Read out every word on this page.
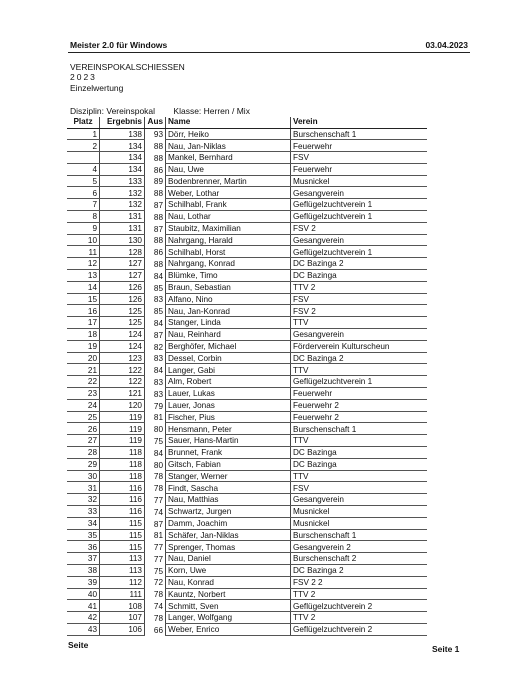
Meister 2.0 für Windows	03.04.2023
VEREINSPOKALSCHIESSEN
2023
Einzelwertung
Disziplin: Vereinspokal Klasse: Herren / Mix
Platz	Ergebnis	Aus	Name	Verein
1	138	93	Dörr, Heiko	Burschenschaft 1
2	134	88	Nau, Jan-Niklas	Feuerwehr
	134	88	Mankel, Bernhard	FSV
4	134	86	Nau, Uwe	Feuerwehr
5	133	89	Bodenbrenner, Martin	Musnickel
6	132	88	Weber, Lothar	Gesangverein
7	132	87	Schilhabl, Frank	Geflügelzuchtverein 1
8	131	88	Nau, Lothar	Geflügelzuchtverein 1
9	131	87	Staubitz, Maximilian	FSV 2
10	130	88	Nahrgang, Harald	Gesangverein
11	128	86	Schilhabl, Horst	Geflügelzuchtverein 1
12	127	88	Nahrgang, Konrad	DC Bazinga 2
13	127	84	Blümke, Timo	DC Bazinga
14	126	85	Braun, Sebastian	TTV 2
15	126	83	Alfano, Nino	FSV
16	125	85	Nau, Jan-Konrad	FSV 2
17	125	84	Stanger, Linda	TTV
18	124	87	Nau, Reinhard	Gesangverein
19	124	82	Berghöfer, Michael	Förderverein Kulturscheun
20	123	83	Dessel, Corbin	DC Bazinga 2
21	122	84	Langer, Gabi	TTV
22	122	83	Alm, Robert	Geflügelzuchtverein 1
23	121	83	Lauer, Lukas	Feuerwehr
24	120	79	Lauer, Jonas	Feuerwehr 2
25	119	81	Fischer, Pius	Feuerwehr 2
26	119	80	Hensmann, Peter	Burschenschaft 1
27	119	75	Sauer, Hans-Martin	TTV
28	118	84	Brunnet, Frank	DC Bazinga
29	118	80	Gitsch, Fabian	DC Bazinga
30	118	78	Stanger, Werner	TTV
31	116	78	Findt, Sascha	FSV
32	116	77	Nau, Matthias	Gesangverein
33	116	74	Schwartz, Jurgen	Musnickel
34	115	87	Damm, Joachim	Musnickel
35	115	81	Schäfer, Jan-Niklas	Burschenschaft 1
36	115	77	Sprenger, Thomas	Gesangverein 2
37	113	77	Nau, Daniel	Burschenschaft 2
38	113	75	Korn, Uwe	DC Bazinga 2
39	112	72	Nau, Konrad	FSV 2 2
40	111	78	Kauntz, Norbert	TTV 2
41	108	74	Schmitt, Sven	Geflügelzuchtverein 2
42	107	78	Langer, Wolfgang	TTV 2
43	106	66	Weber, Enrico	Geflügelzuchtverein 2
Seite	Seite 1
